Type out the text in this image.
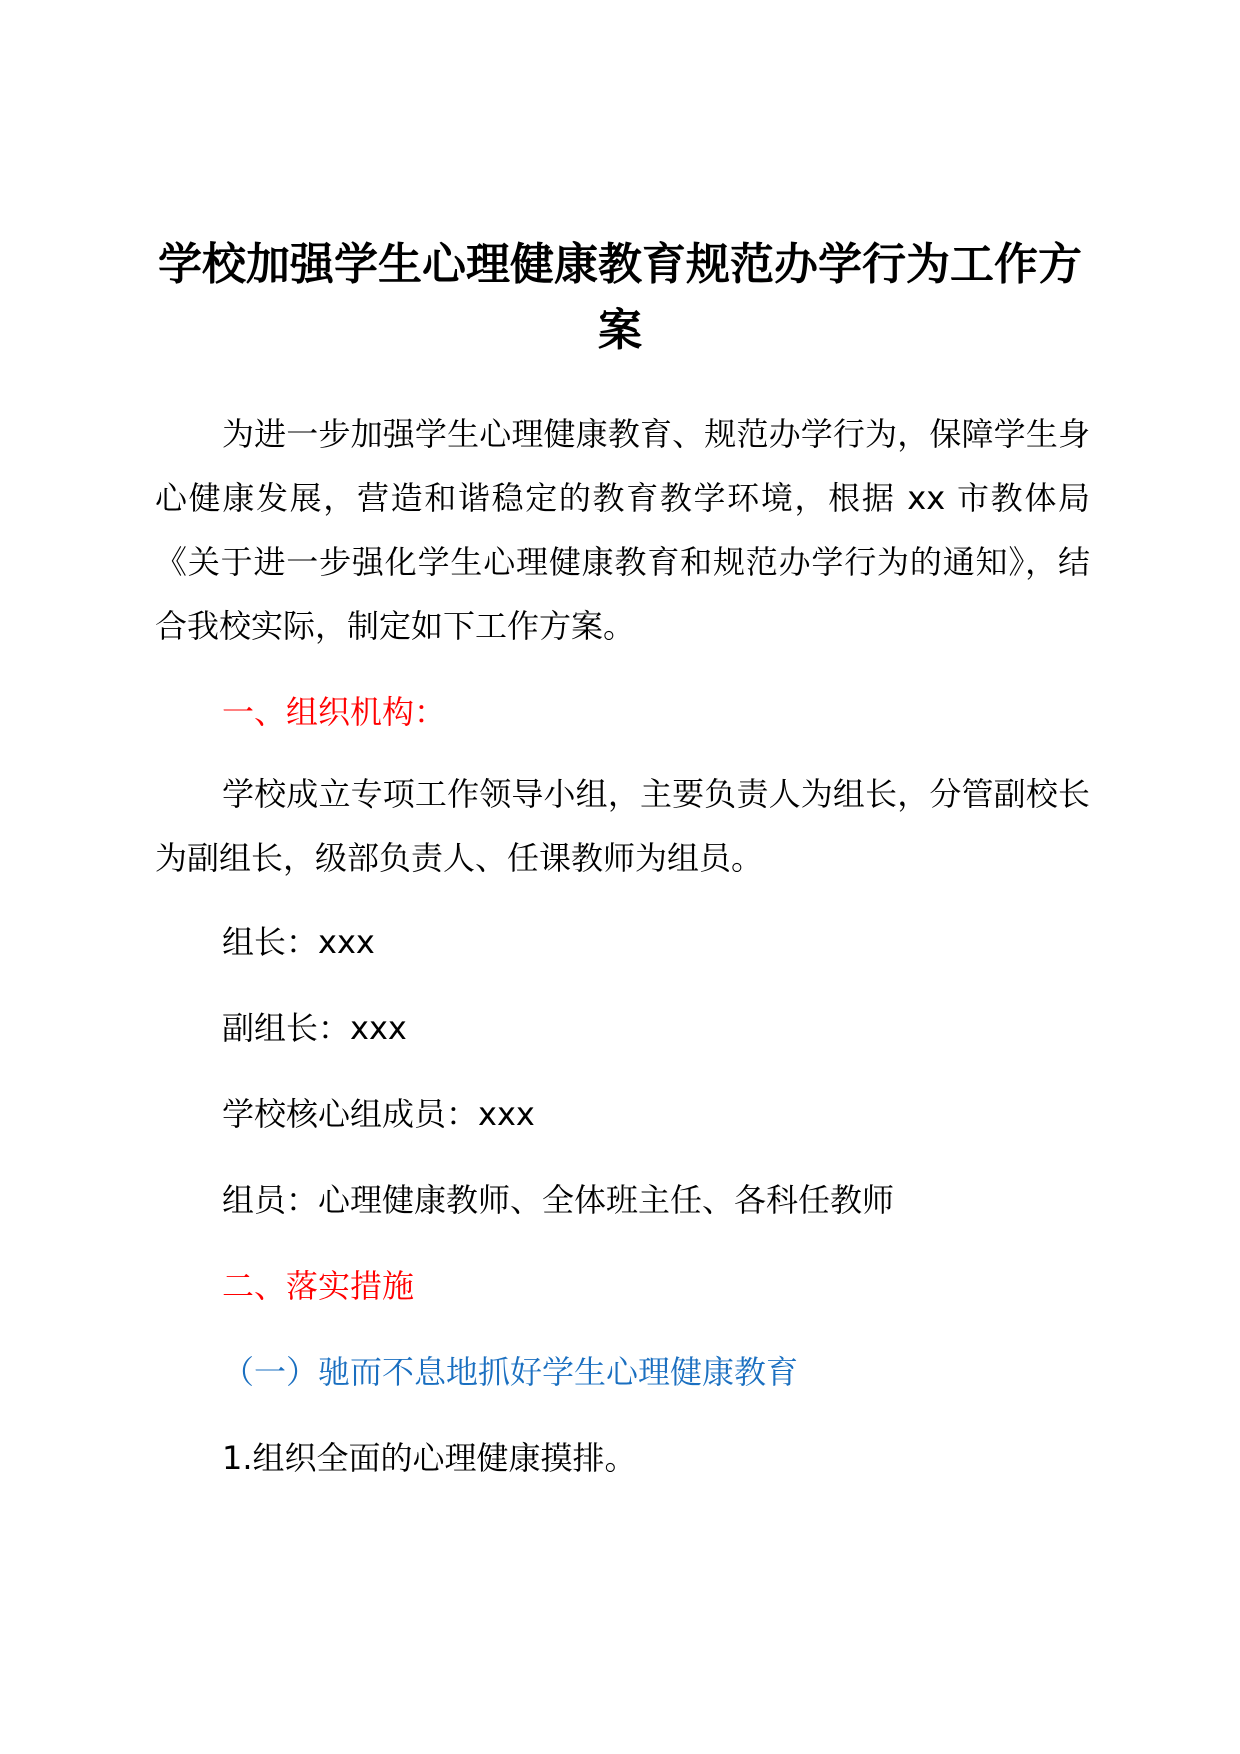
学校加强学生心理健康教育规范办学行为工作方案
为进一步加强学生心理健康教育、规范办学行为，保障学生身心健康发展，营造和谐稳定的教育教学环境，根据 xx 市教体局《关于进一步强化学生心理健康教育和规范办学行为的通知》，结合我校实际，制定如下工作方案。
一、组织机构：
学校成立专项工作领导小组，主要负责人为组长，分管副校长为副组长，级部负责人、任课教师为组员。
组长：xxx
副组长：xxx
学校核心组成员：xxx
组员：心理健康教师、全体班主任、各科任教师
二、落实措施
（一）驰而不息地抓好学生心理健康教育
1.组织全面的心理健康摸排。
